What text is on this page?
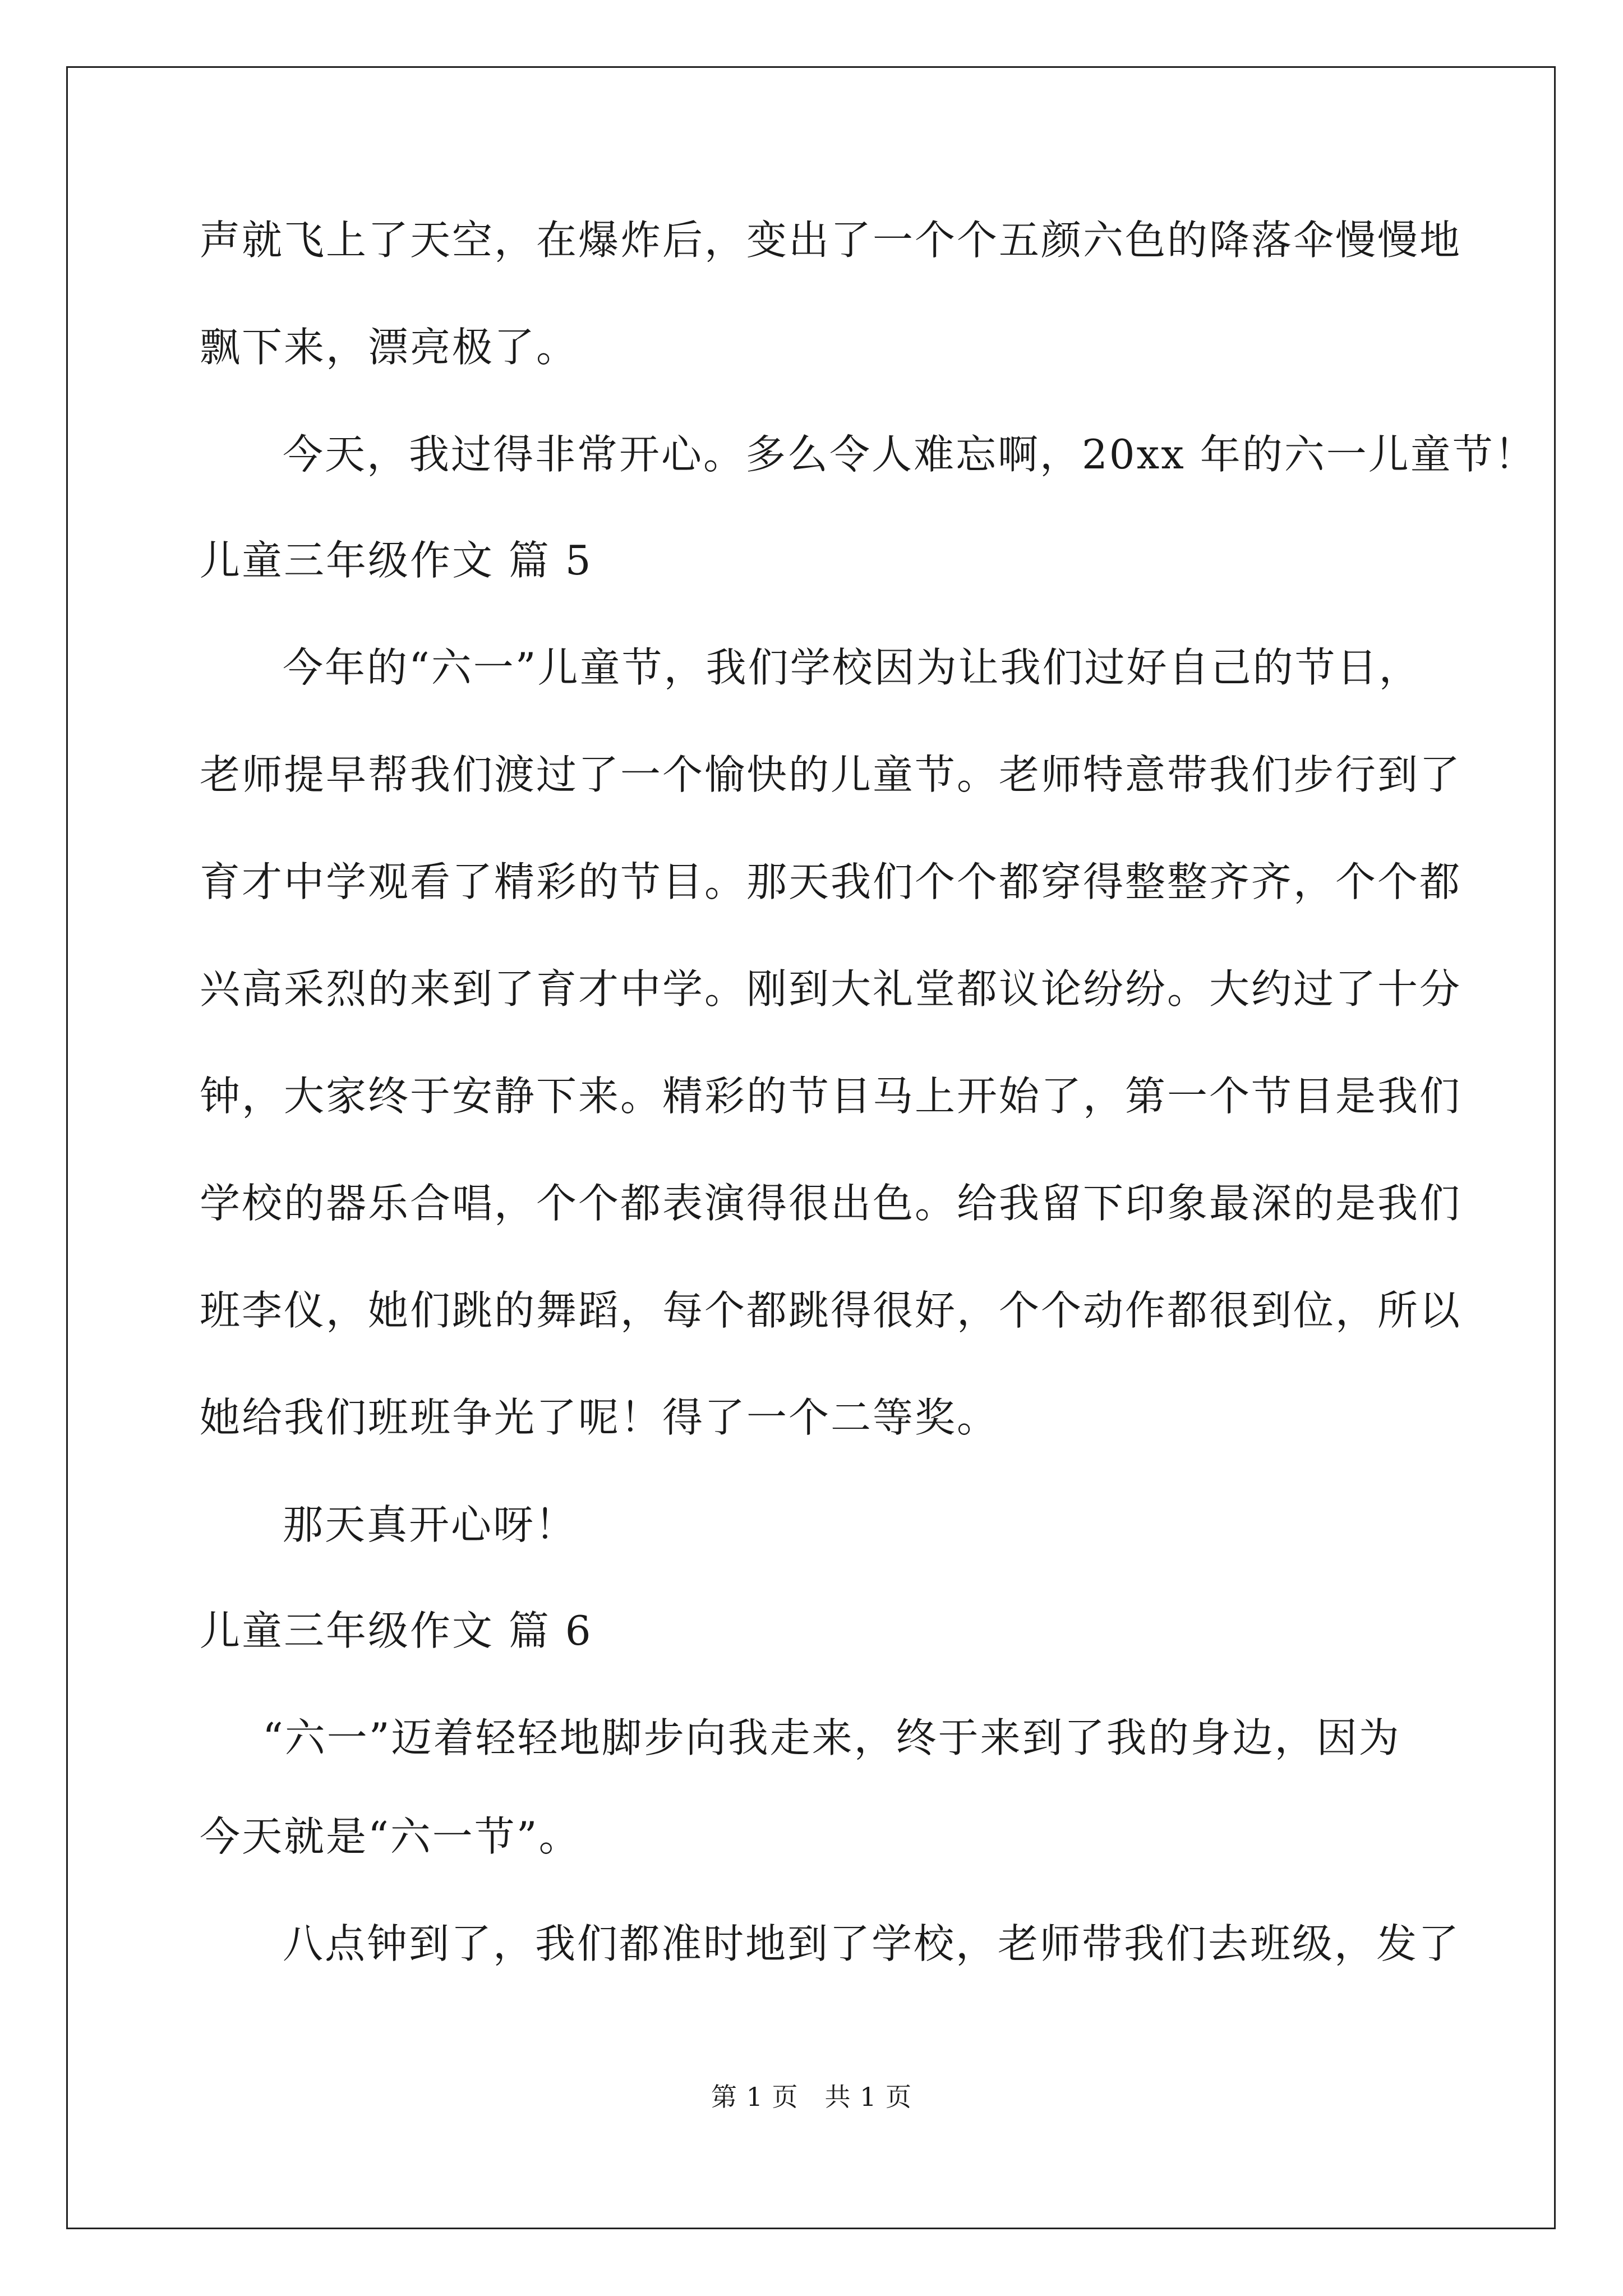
声就飞上了天空，在爆炸后，变出了一个个五颜六色的降落伞慢慢地
飘下来，漂亮极了。
今天，我过得非常开心。多么令人难忘啊，20xx 年的六一儿童节！
儿童三年级作文 篇 5
今年的“六一”儿童节，我们学校因为让我们过好自己的节日，
老师提早帮我们渡过了一个愉快的儿童节。老师特意带我们步行到了
育才中学观看了精彩的节目。那天我们个个都穿得整整齐齐，个个都
兴高采烈的来到了育才中学。刚到大礼堂都议论纷纷。大约过了十分
钟，大家终于安静下来。精彩的节目马上开始了，第一个节目是我们
学校的器乐合唱，个个都表演得很出色。给我留下印象最深的是我们
班李仪，她们跳的舞蹈，每个都跳得很好，个个动作都很到位，所以
她给我们班班争光了呢！得了一个二等奖。
那天真开心呀！
儿童三年级作文 篇 6
“六一”迈着轻轻地脚步向我走来，终于来到了我的身边，因为
今天就是“六一节”。
八点钟到了，我们都准时地到了学校，老师带我们去班级，发了
第 1 页　共 1 页
